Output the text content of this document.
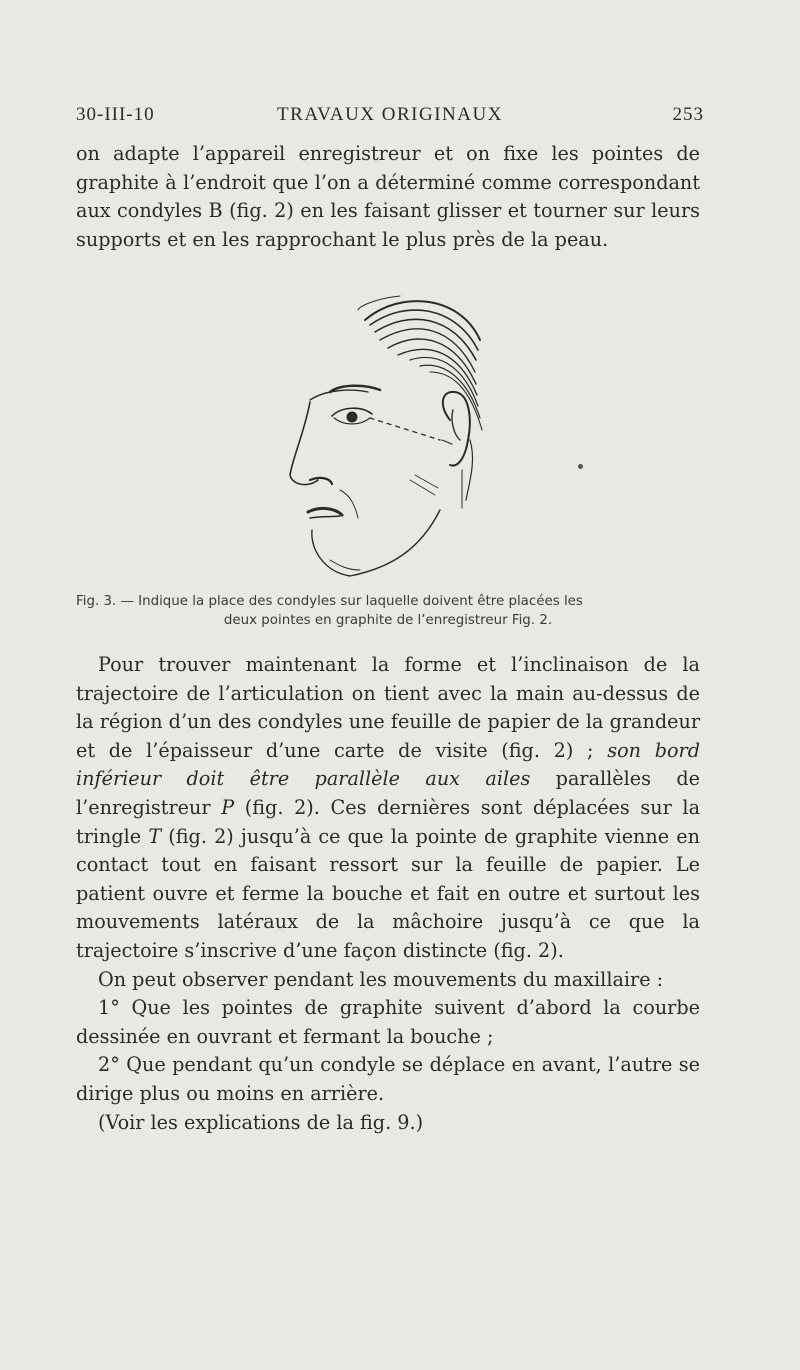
30-III-10	TRAVAUX ORIGINAUX	253
on adapte l’appareil enregistreur et on fixe les pointes de graphite à l’endroit que l’on a déterminé comme correspondant aux condyles B (fig. 2) en les faisant glisser et tourner sur leurs supports et en les rapprochant le plus près de la peau.
Fig. 3. — Indique la place des condyles sur laquelle doivent être placées les
deux pointes en graphite de l’enregistreur Fig. 2.

Pour trouver maintenant la forme et l’inclinaison de la trajectoire de l’articulation on tient avec la main au-dessus de la région d’un des condyles une feuille de papier de la grandeur et de l’épaisseur d’une carte de visite (fig. 2) ; son bord inférieur doit être parallèle aux ailes parallèles de l’enregistreur P (fig. 2). Ces dernières sont déplacées sur la tringle T (fig. 2) jusqu’à ce que la pointe de graphite vienne en contact tout en faisant ressort sur la feuille de papier. Le patient ouvre et ferme la bouche et fait en outre et surtout les mouvements latéraux de la mâchoire jusqu’à ce que la trajectoire s’inscrive d’une façon distincte (fig. 2).

On peut observer pendant les mouvements du maxillaire :

1° Que les pointes de graphite suivent d’abord la courbe dessinée en ouvrant et fermant la bouche ;

2° Que pendant qu’un condyle se déplace en avant, l’autre se dirige plus ou moins en arrière.

(Voir les explications de la fig. 9.)
